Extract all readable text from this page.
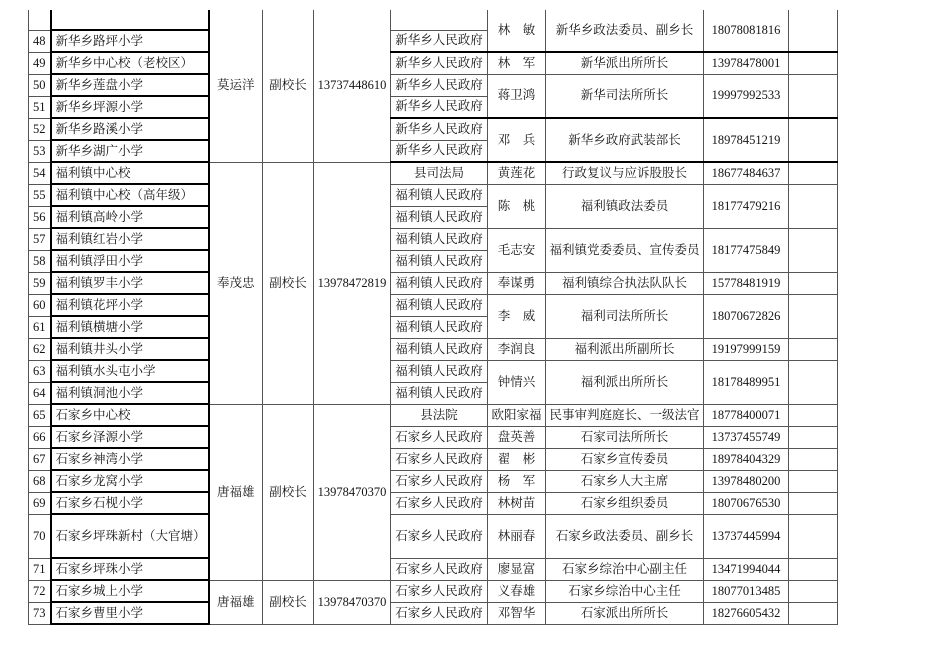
		莫运洋	副校长	13737448610		林　敏	新华乡政法委员、副乡长	18078081816	
48	新华乡路坪小学				新华乡人民政府				
49	新华乡中心校（老校区）				新华乡人民政府	林　军	新华派出所所长	13978478001	
50	新华乡莲盘小学				新华乡人民政府	蒋卫鸿	新华司法所所长	19997992533	
51	新华乡坪源小学				新华乡人民政府				
52	新华乡路溪小学				新华乡人民政府	邓　兵	新华乡政府武装部长	18978451219	
53	新华乡湖广小学				新华乡人民政府				
54	福利镇中心校	奉茂忠	副校长	13978472819	县司法局	黄莲花	行政复议与应诉股股长	18677484637	
55	福利镇中心校（高年级）				福利镇人民政府	陈　桃	福利镇政法委员	18177479216	
56	福利镇高岭小学				福利镇人民政府				
57	福利镇红岩小学				福利镇人民政府	毛志安	福利镇党委委员、宣传委员	18177475849	
58	福利镇浮田小学				福利镇人民政府				
59	福利镇罗丰小学				福利镇人民政府	奉谋勇	福利镇综合执法队队长	15778481919	
60	福利镇花坪小学				福利镇人民政府	李　威	福利司法所所长	18070672826	
61	福利镇横塘小学				福利镇人民政府				
62	福利镇井头小学				福利镇人民政府	李润良	福利派出所副所长	19197999159	
63	福利镇水头屯小学				福利镇人民政府	钟情兴	福利派出所所长	18178489951	
64	福利镇洞池小学				福利镇人民政府				
65	石家乡中心校	唐福雄	副校长	13978470370	县法院	欧阳家福	民事审判庭庭长、一级法官	18778400071	
66	石家乡泽源小学				石家乡人民政府	盘英善	石家司法所所长	13737455749	
67	石家乡神湾小学				石家乡人民政府	翟　彬	石家乡宣传委员	18978404329	
68	石家乡龙窝小学				石家乡人民政府	杨　军	石家乡人大主席	13978480200	
69	石家乡石枧小学				石家乡人民政府	林树苗	石家乡组织委员	18070676530	
70	石家乡坪珠新村（大官塘）				石家乡人民政府	林丽春	石家乡政法委员、副乡长	13737445994	
71	石家乡坪珠小学				石家乡人民政府	廖显富	石家乡综治中心副主任	13471994044	
72	石家乡城上小学	唐福雄	副校长	13978470370	石家乡人民政府	义春雄	石家乡综治中心主任	18077013485	
73	石家乡曹里小学				石家乡人民政府	邓智华	石家派出所所长	18276605432	
